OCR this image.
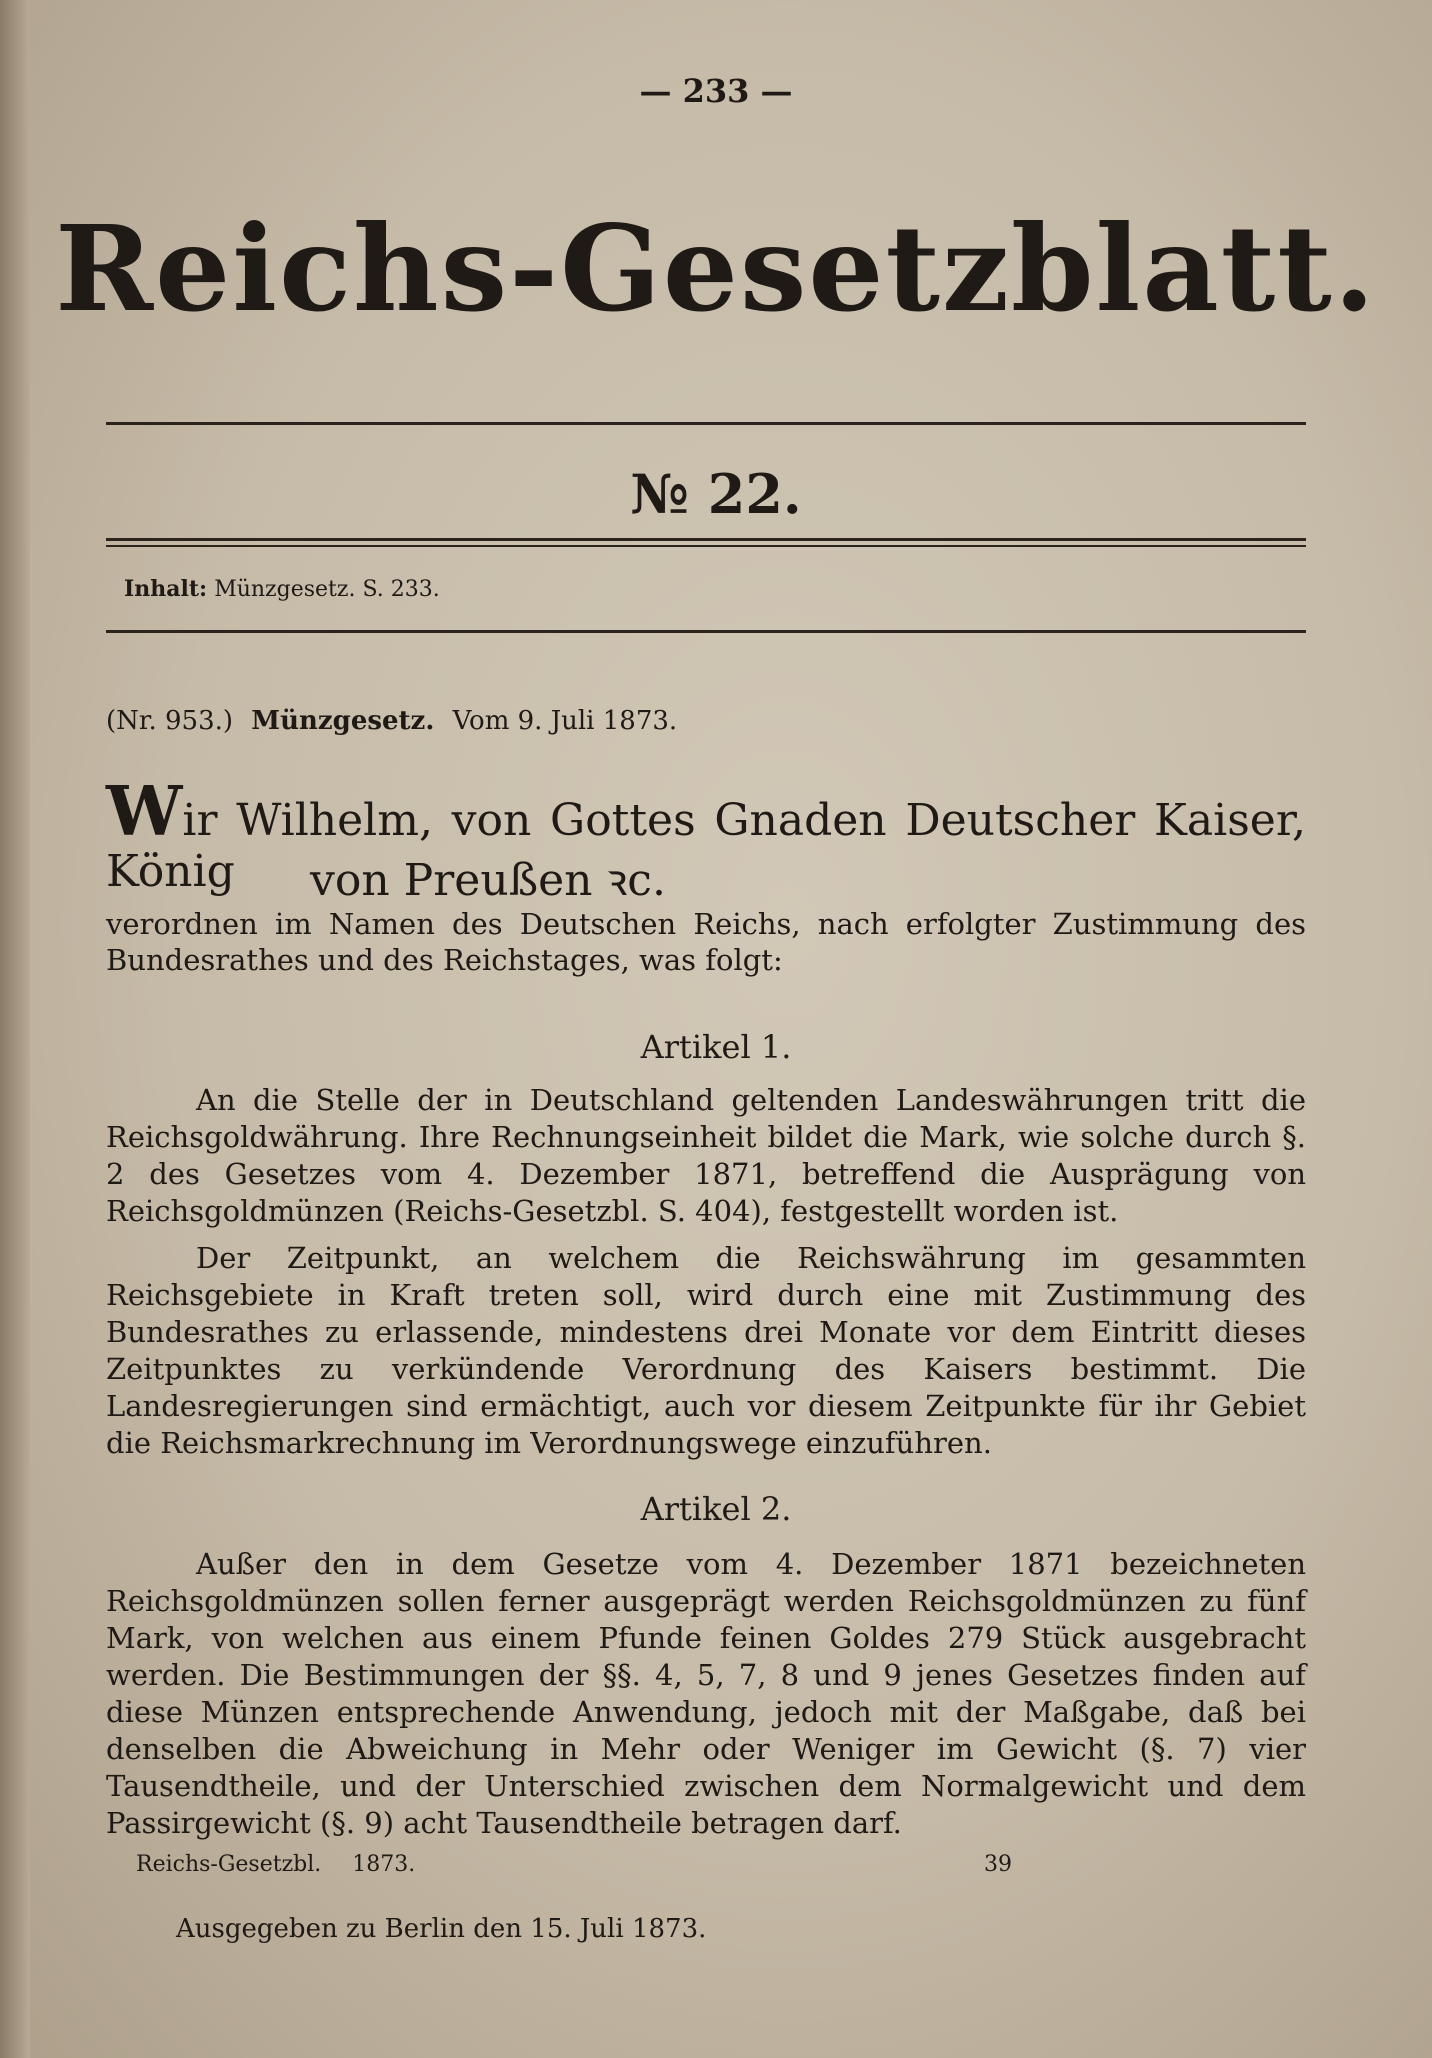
— 233 —
Reichs-Gesetzblatt.
№ 22.
Inhalt: Münzgesetz. S. 233.
(Nr. 953.) Münzgesetz. Vom 9. Juli 1873.
Wir Wilhelm, von Gottes Gnaden Deutscher Kaiser, König	von Preußen ꝛc.
verordnen im Namen des Deutschen Reichs, nach erfolgter Zustimmung des Bundesrathes und des Reichstages, was folgt:
Artikel 1.
An die Stelle der in Deutschland geltenden Landeswährungen tritt die Reichsgoldwährung. Ihre Rechnungseinheit bildet die Mark, wie solche durch §. 2 des Gesetzes vom 4. Dezember 1871, betreffend die Ausprägung von Reichsgoldmünzen (Reichs-Gesetzbl. S. 404), festgestellt worden ist.
Der Zeitpunkt, an welchem die Reichswährung im gesammten Reichsgebiete in Kraft treten soll, wird durch eine mit Zustimmung des Bundesrathes zu erlassende, mindestens drei Monate vor dem Eintritt dieses Zeitpunktes zu verkündende Verordnung des Kaisers bestimmt. Die Landesregierungen sind ermächtigt, auch vor diesem Zeitpunkte für ihr Gebiet die Reichsmarkrechnung im Verordnungswege einzuführen.
Artikel 2.
Außer den in dem Gesetze vom 4. Dezember 1871 bezeichneten Reichsgoldmünzen sollen ferner ausgeprägt werden Reichsgoldmünzen zu fünf Mark, von welchen aus einem Pfunde feinen Goldes 279 Stück ausgebracht werden. Die Bestimmungen der §§. 4, 5, 7, 8 und 9 jenes Gesetzes finden auf diese Münzen entsprechende Anwendung, jedoch mit der Maßgabe, daß bei denselben die Abweichung in Mehr oder Weniger im Gewicht (§. 7) vier Tausendtheile, und der Unterschied zwischen dem Normalgewicht und dem Passirgewicht (§. 9) acht Tausendtheile betragen darf.
Reichs-Gesetzbl. 1873.	39
Ausgegeben zu Berlin den 15. Juli 1873.
